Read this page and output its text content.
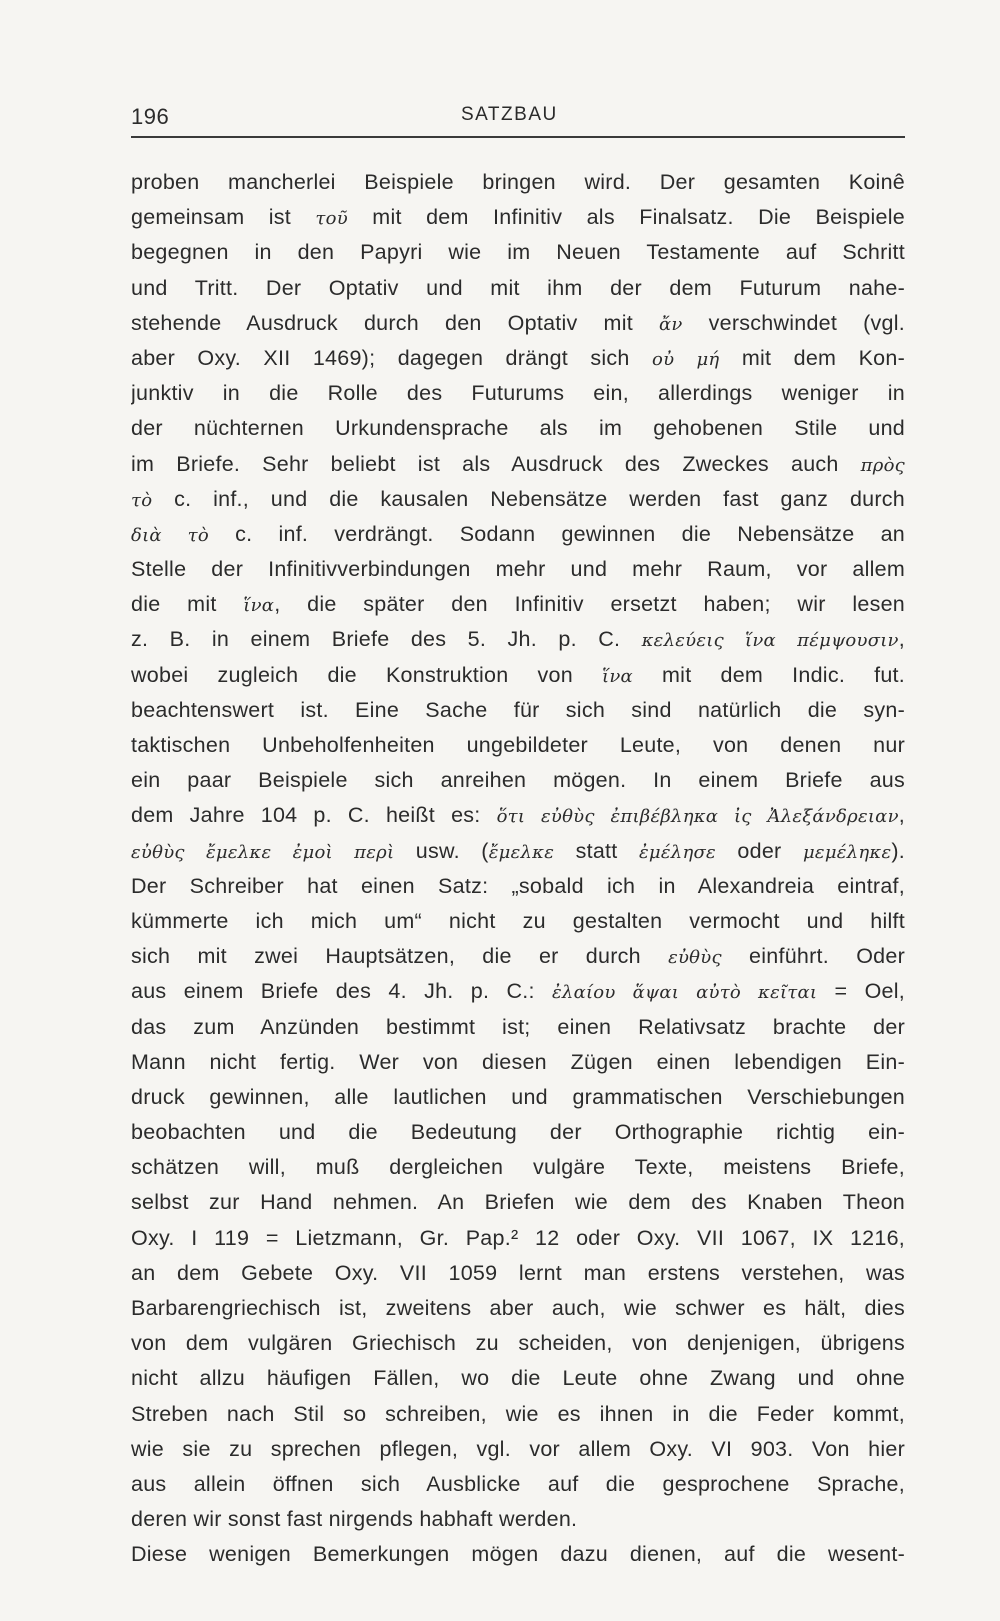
196	SATZBAU
proben mancherlei Beispiele bringen wird. Der gesamten Koinê
gemeinsam ist τοῦ mit dem Infinitiv als Finalsatz. Die Beispiele
begegnen in den Papyri wie im Neuen Testamente auf Schritt
und Tritt. Der Optativ und mit ihm der dem Futurum nahe-
stehende Ausdruck durch den Optativ mit ἄν verschwindet (vgl.
aber Oxy. XII 1469); dagegen drängt sich οὐ μή mit dem Kon-
junktiv in die Rolle des Futurums ein, allerdings weniger in
der nüchternen Urkundensprache als im gehobenen Stile und
im Briefe. Sehr beliebt ist als Ausdruck des Zweckes auch πρὸς
τὸ c. inf., und die kausalen Nebensätze werden fast ganz durch
διὰ τὸ c. inf. verdrängt. Sodann gewinnen die Nebensätze an
Stelle der Infinitivverbindungen mehr und mehr Raum, vor allem
die mit ἵνα, die später den Infinitiv ersetzt haben; wir lesen
z. B. in einem Briefe des 5. Jh. p. C. κελεύεις ἵνα πέμψουσιν,
wobei zugleich die Konstruktion von ἵνα mit dem Indic. fut.
beachtenswert ist. Eine Sache für sich sind natürlich die syn-
taktischen Unbeholfenheiten ungebildeter Leute, von denen nur
ein paar Beispiele sich anreihen mögen. In einem Briefe aus
dem Jahre 104 p. C. heißt es: ὅτι εὐθὺς ἐπιβέβληκα ἰς Ἀλεξάνδρειαν,
εὐθὺς ἔμελκε ἐμοὶ περὶ usw. (ἔμελκε statt ἐμέλησε oder μεμέληκε).
Der Schreiber hat einen Satz: „sobald ich in Alexandreia eintraf,
kümmerte ich mich um“ nicht zu gestalten vermocht und hilft
sich mit zwei Hauptsätzen, die er durch εὐθὺς einführt. Oder
aus einem Briefe des 4. Jh. p. C.: ἐλαίου ἅψαι αὐτὸ κεῖται = Oel,
das zum Anzünden bestimmt ist; einen Relativsatz brachte der
Mann nicht fertig. Wer von diesen Zügen einen lebendigen Ein-
druck gewinnen, alle lautlichen und grammatischen Verschiebungen
beobachten und die Bedeutung der Orthographie richtig ein-
schätzen will, muß dergleichen vulgäre Texte, meistens Briefe,
selbst zur Hand nehmen. An Briefen wie dem des Knaben Theon
Oxy. I 119 = Lietzmann, Gr. Pap.² 12 oder Oxy. VII 1067, IX 1216,
an dem Gebete Oxy. VII 1059 lernt man erstens verstehen, was
Barbarengriechisch ist, zweitens aber auch, wie schwer es hält, dies
von dem vulgären Griechisch zu scheiden, von denjenigen, übrigens
nicht allzu häufigen Fällen, wo die Leute ohne Zwang und ohne
Streben nach Stil so schreiben, wie es ihnen in die Feder kommt,
wie sie zu sprechen pflegen, vgl. vor allem Oxy. VI 903. Von hier
aus allein öffnen sich Ausblicke auf die gesprochene Sprache,
deren wir sonst fast nirgends habhaft werden.
Diese wenigen Bemerkungen mögen dazu dienen, auf die wesent-
